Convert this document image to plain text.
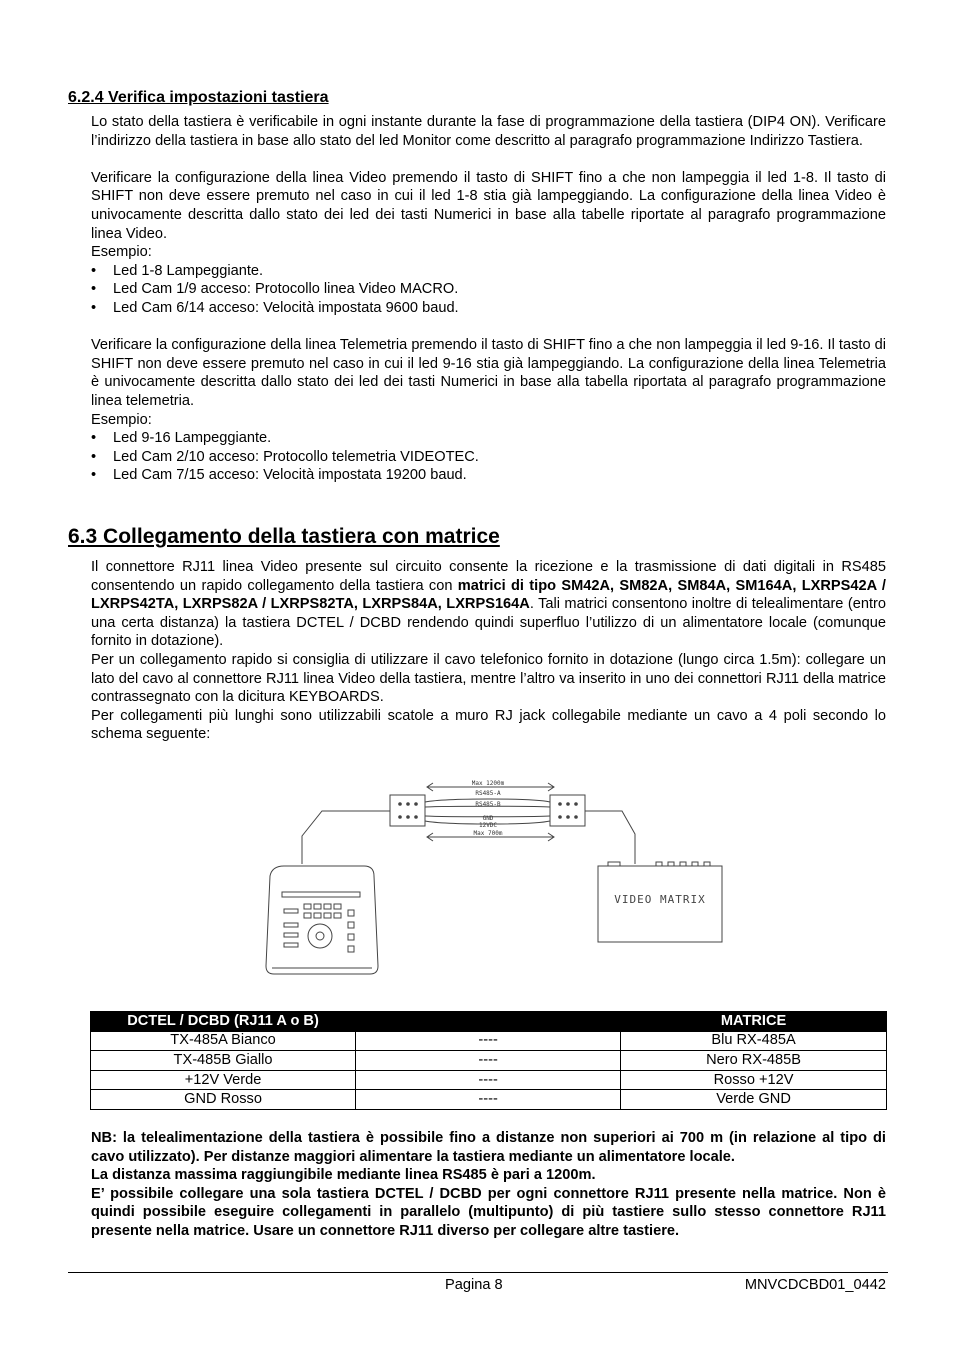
6.2.4 Verifica impostazioni tastiera

Lo stato della tastiera è verificabile in ogni instante durante la fase di programmazione della tastiera (DIP4 ON). Verificare l’indirizzo della tastiera in base allo stato del led Monitor come descritto al paragrafo programmazione Indirizzo Tastiera.

Verificare la configurazione della linea Video premendo il tasto di SHIFT fino a che non lampeggia il led 1-8. Il tasto di SHIFT non deve essere premuto nel caso in cui il led 1-8 stia già lampeggiando. La configurazione della linea Video è univocamente descritta dallo stato dei led dei tasti Numerici in base alla tabelle riportate al paragrafo programmazione linea Video.

Esempio:

• Led 1-8 Lampeggiante.
• Led Cam 1/9 acceso: Protocollo linea Video MACRO.
• Led Cam 6/14 acceso: Velocità impostata 9600 baud.

Verificare la configurazione della linea Telemetria premendo il tasto di SHIFT fino a che non lampeggia il led 9-16. Il tasto di SHIFT non deve essere premuto nel caso in cui il led 9-16 stia già lampeggiando. La configurazione della linea Telemetria è univocamente descritta dallo stato dei led dei tasti Numerici in base alla tabella riportata al paragrafo programmazione linea telemetria.

Esempio:

• Led 9-16 Lampeggiante.
• Led Cam 2/10 acceso: Protocollo telemetria VIDEOTEC.
• Led Cam 7/15 acceso: Velocità impostata 19200 baud.
6.3 Collegamento della tastiera con matrice

Il connettore RJ11 linea Video presente sul circuito consente la ricezione e la trasmissione di dati digitali in RS485 consentendo un rapido collegamento della tastiera con matrici di tipo SM42A, SM82A, SM84A, SM164A, LXRPS42A / LXRPS42TA, LXRPS82A / LXRPS82TA, LXRPS84A, LXRPS164A. Tali matrici consentono inoltre di telealimentare (entro una certa distanza) la tastiera DCTEL / DCBD rendendo quindi superfluo l’utilizzo di un alimentatore locale (comunque fornito in dotazione).

Per un collegamento rapido si consiglia di utilizzare il cavo telefonico fornito in dotazione (lungo circa 1.5m): collegare un lato del cavo al connettore RJ11 linea Video della tastiera, mentre l’altro va inserito in uno dei connettori RJ11 della matrice contrassegnato con la dicitura KEYBOARDS.

Per collegamenti più lunghi sono utilizzabili scatole a muro RJ jack collegabile mediante un cavo a 4 poli secondo lo schema seguente:

Max 1200m
RS485-A
RS485-B
GND
12VDC
Max 700m
VIDEO MATRIX
DCTEL / DCBD (RJ11 A o B)		MATRICE
TX-485A Bianco	----	Blu RX-485A
TX-485B Giallo	----	Nero RX-485B
+12V Verde	----	Rosso +12V
GND Rosso	----	Verde GND

NB: la telealimentazione della tastiera è possibile fino a distanze non superiori ai 700 m (in relazione al tipo di cavo utilizzato). Per distanze maggiori alimentare la tastiera mediante un alimentatore locale.

La distanza massima raggiungibile mediante linea RS485 è pari a 1200m.

E’ possibile collegare una sola tastiera DCTEL / DCBD per ogni connettore RJ11 presente nella matrice. Non è quindi possibile eseguire collegamenti in parallelo (multipunto) di più tastiere sullo stesso connettore RJ11 presente nella matrice. Usare un connettore RJ11 diverso per collegare altre tastiere.

Pagina 8	MNVCDCBD01_0442
